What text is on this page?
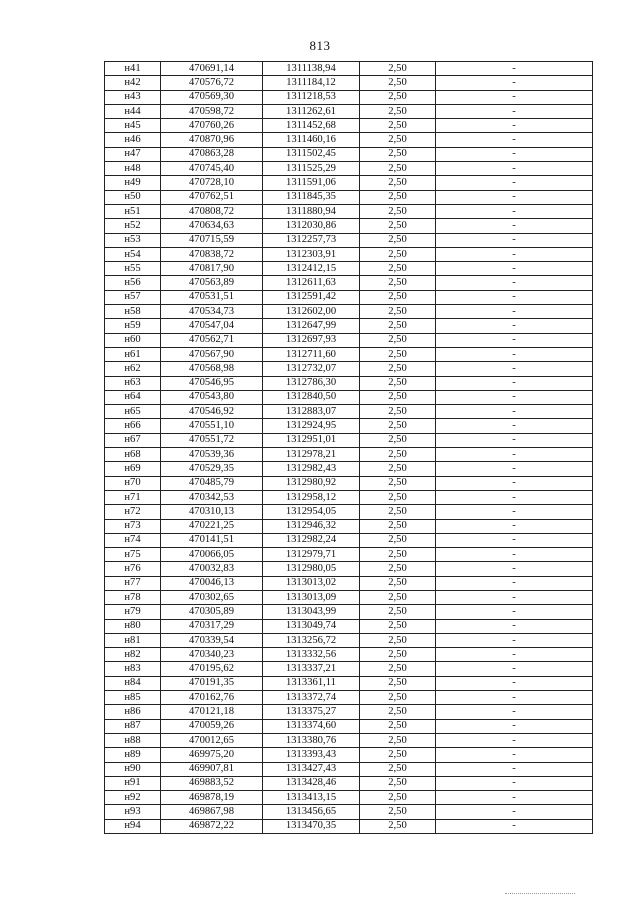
813
н41	470691,14	1311138,94	2,50	-
н42	470576,72	1311184,12	2,50	-
н43	470569,30	1311218,53	2,50	-
н44	470598,72	1311262,61	2,50	-
н45	470760,26	1311452,68	2,50	-
н46	470870,96	1311460,16	2,50	-
н47	470863,28	1311502,45	2,50	-
н48	470745,40	1311525,29	2,50	-
н49	470728,10	1311591,06	2,50	-
н50	470762,51	1311845,35	2,50	-
н51	470808,72	1311880,94	2,50	-
н52	470634,63	1312030,86	2,50	-
н53	470715,59	1312257,73	2,50	-
н54	470838,72	1312303,91	2,50	-
н55	470817,90	1312412,15	2,50	-
н56	470563,89	1312611,63	2,50	-
н57	470531,51	1312591,42	2,50	-
н58	470534,73	1312602,00	2,50	-
н59	470547,04	1312647,99	2,50	-
н60	470562,71	1312697,93	2,50	-
н61	470567,90	1312711,60	2,50	-
н62	470568,98	1312732,07	2,50	-
н63	470546,95	1312786,30	2,50	-
н64	470543,80	1312840,50	2,50	-
н65	470546,92	1312883,07	2,50	-
н66	470551,10	1312924,95	2,50	-
н67	470551,72	1312951,01	2,50	-
н68	470539,36	1312978,21	2,50	-
н69	470529,35	1312982,43	2,50	-
н70	470485,79	1312980,92	2,50	-
н71	470342,53	1312958,12	2,50	-
н72	470310,13	1312954,05	2,50	-
н73	470221,25	1312946,32	2,50	-
н74	470141,51	1312982,24	2,50	-
н75	470066,05	1312979,71	2,50	-
н76	470032,83	1312980,05	2,50	-
н77	470046,13	1313013,02	2,50	-
н78	470302,65	1313013,09	2,50	-
н79	470305,89	1313043,99	2,50	-
н80	470317,29	1313049,74	2,50	-
н81	470339,54	1313256,72	2,50	-
н82	470340,23	1313332,56	2,50	-
н83	470195,62	1313337,21	2,50	-
н84	470191,35	1313361,11	2,50	-
н85	470162,76	1313372,74	2,50	-
н86	470121,18	1313375,27	2,50	-
н87	470059,26	1313374,60	2,50	-
н88	470012,65	1313380,76	2,50	-
н89	469975,20	1313393,43	2,50	-
н90	469907,81	1313427,43	2,50	-
н91	469883,52	1313428,46	2,50	-
н92	469878,19	1313413,15	2,50	-
н93	469867,98	1313456,65	2,50	-
н94	469872,22	1313470,35	2,50	-
